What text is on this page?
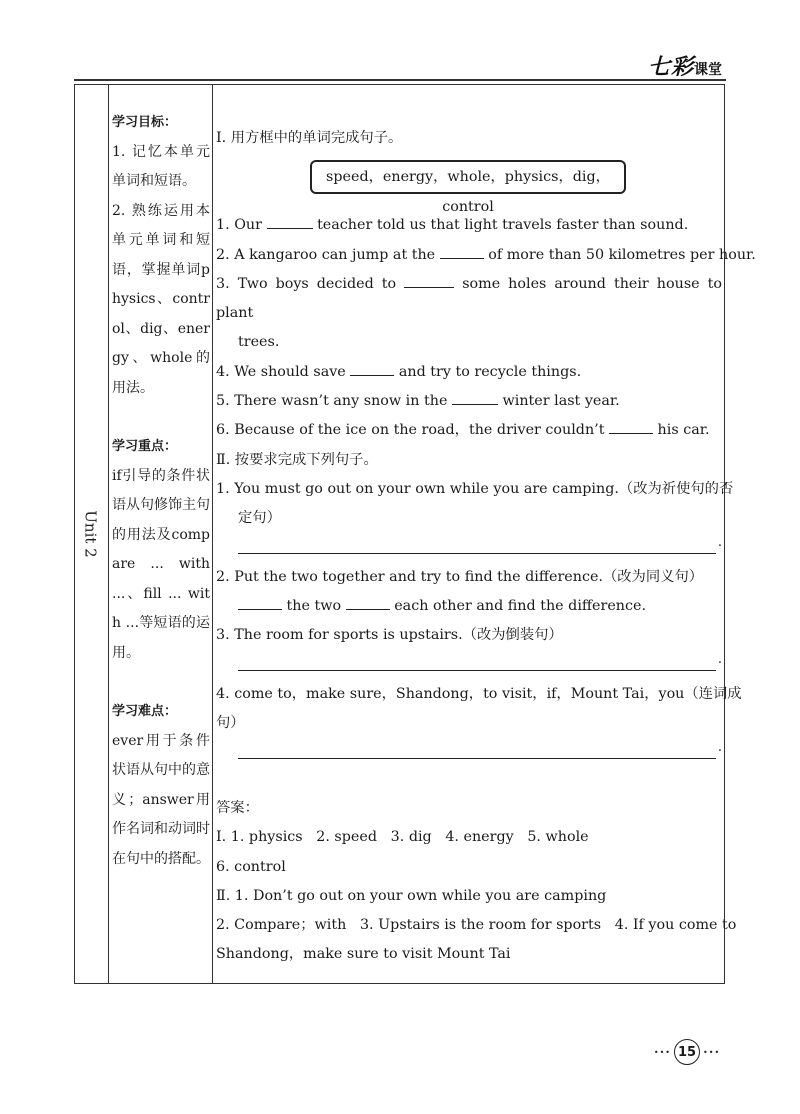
七彩课堂
Unit 2
学习目标：

1. 记忆本单元单词和短语。

2. 熟练运用本单元单词和短语，掌握单词physics、control、dig、energy、whole的用法。

学习重点：

if引导的条件状语从句修饰主句的用法及compare ... with ...、fill ... with ...等短语的运用。

学习难点：

ever用于条件状语从句中的意义；answer用作名词和动词时在句中的搭配。

Ⅰ. 用方框中的单词完成句子。
speed，energy，whole，physics，dig，control
1. Our	teacher told us that light travels faster than sound.
2. A kangaroo can jump at the	of more than 50 kilometres per hour.
3. Two boys decided to	some holes around their house to plant
trees.
4. We should save	and try to recycle things.
5. There wasn’t any snow in the	winter last year.
6. Because of the ice on the road，the driver couldn’t	his car.
Ⅱ. 按要求完成下列句子。
1. You must go out on your own while you are camping.（改为祈使句的否
定句）
.
2. Put the two together and try to find the difference.（改为同义句）
the two	each other and find the difference.
3. The room for sports is upstairs.（改为倒装句）
.
4. come to，make sure，Shandong，to visit，if，Mount Tai，you（连词成
句）
.
答案：
Ⅰ. 1. physics   2. speed   3. dig   4. energy   5. whole
6. control
Ⅱ. 1. Don’t go out on your own while you are camping
2. Compare；with   3. Upstairs is the room for sports   4. If you come to
Shandong，make sure to visit Mount Tai
••• 15 •••
